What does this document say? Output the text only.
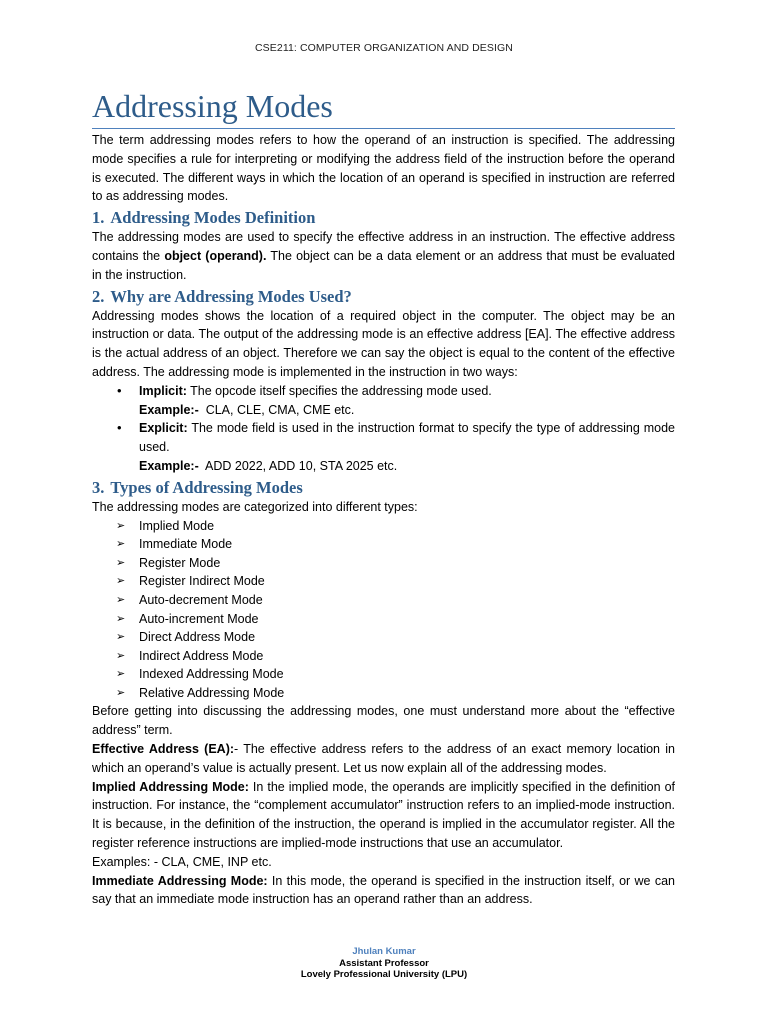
CSE211: COMPUTER ORGANIZATION AND DESIGN
Addressing Modes

The term addressing modes refers to how the operand of an instruction is specified. The addressing mode specifies a rule for interpreting or modifying the address field of the instruction before the operand is executed. The different ways in which the location of an operand is specified in instruction are referred to as addressing modes.

1. Addressing Modes Definition

The addressing modes are used to specify the effective address in an instruction. The effective address contains the object (operand). The object can be a data element or an address that must be evaluated in the instruction.

2. Why are Addressing Modes Used?

Addressing modes shows the location of a required object in the computer. The object may be an instruction or data. The output of the addressing mode is an effective address [EA]. The effective address is the actual address of an object. Therefore we can say the object is equal to the content of the effective address. The addressing mode is implemented in the instruction in two ways:

• Implicit: The opcode itself specifies the addressing mode used.
Example:-  CLA, CLE, CMA, CME etc.
• Explicit: The mode field is used in the instruction format to specify the type of addressing mode used.
Example:-  ADD 2022, ADD 10, STA 2025 etc.
3. Types of Addressing Modes

The addressing modes are categorized into different types:

➢ Implied Mode
➢ Immediate Mode
➢ Register Mode
➢ Register Indirect Mode
➢ Auto-decrement Mode
➢ Auto-increment Mode
➢ Direct Address Mode
➢ Indirect Address Mode
➢ Indexed Addressing Mode
➢ Relative Addressing Mode

Before getting into discussing the addressing modes, one must understand more about the “effective address” term.

Effective Address (EA):- The effective address refers to the address of an exact memory location in which an operand’s value is actually present. Let us now explain all of the addressing modes.

Implied Addressing Mode: In the implied mode, the operands are implicitly specified in the definition of instruction. For instance, the “complement accumulator” instruction refers to an implied-mode instruction. It is because, in the definition of the instruction, the operand is implied in the accumulator register. All the register reference instructions are implied-mode instructions that use an accumulator.

Examples: - CLA, CME, INP etc.

Immediate Addressing Mode: In this mode, the operand is specified in the instruction itself, or we can say that an immediate mode instruction has an operand rather than an address.

Jhulan Kumar
Assistant Professor
Lovely Professional University (LPU)
